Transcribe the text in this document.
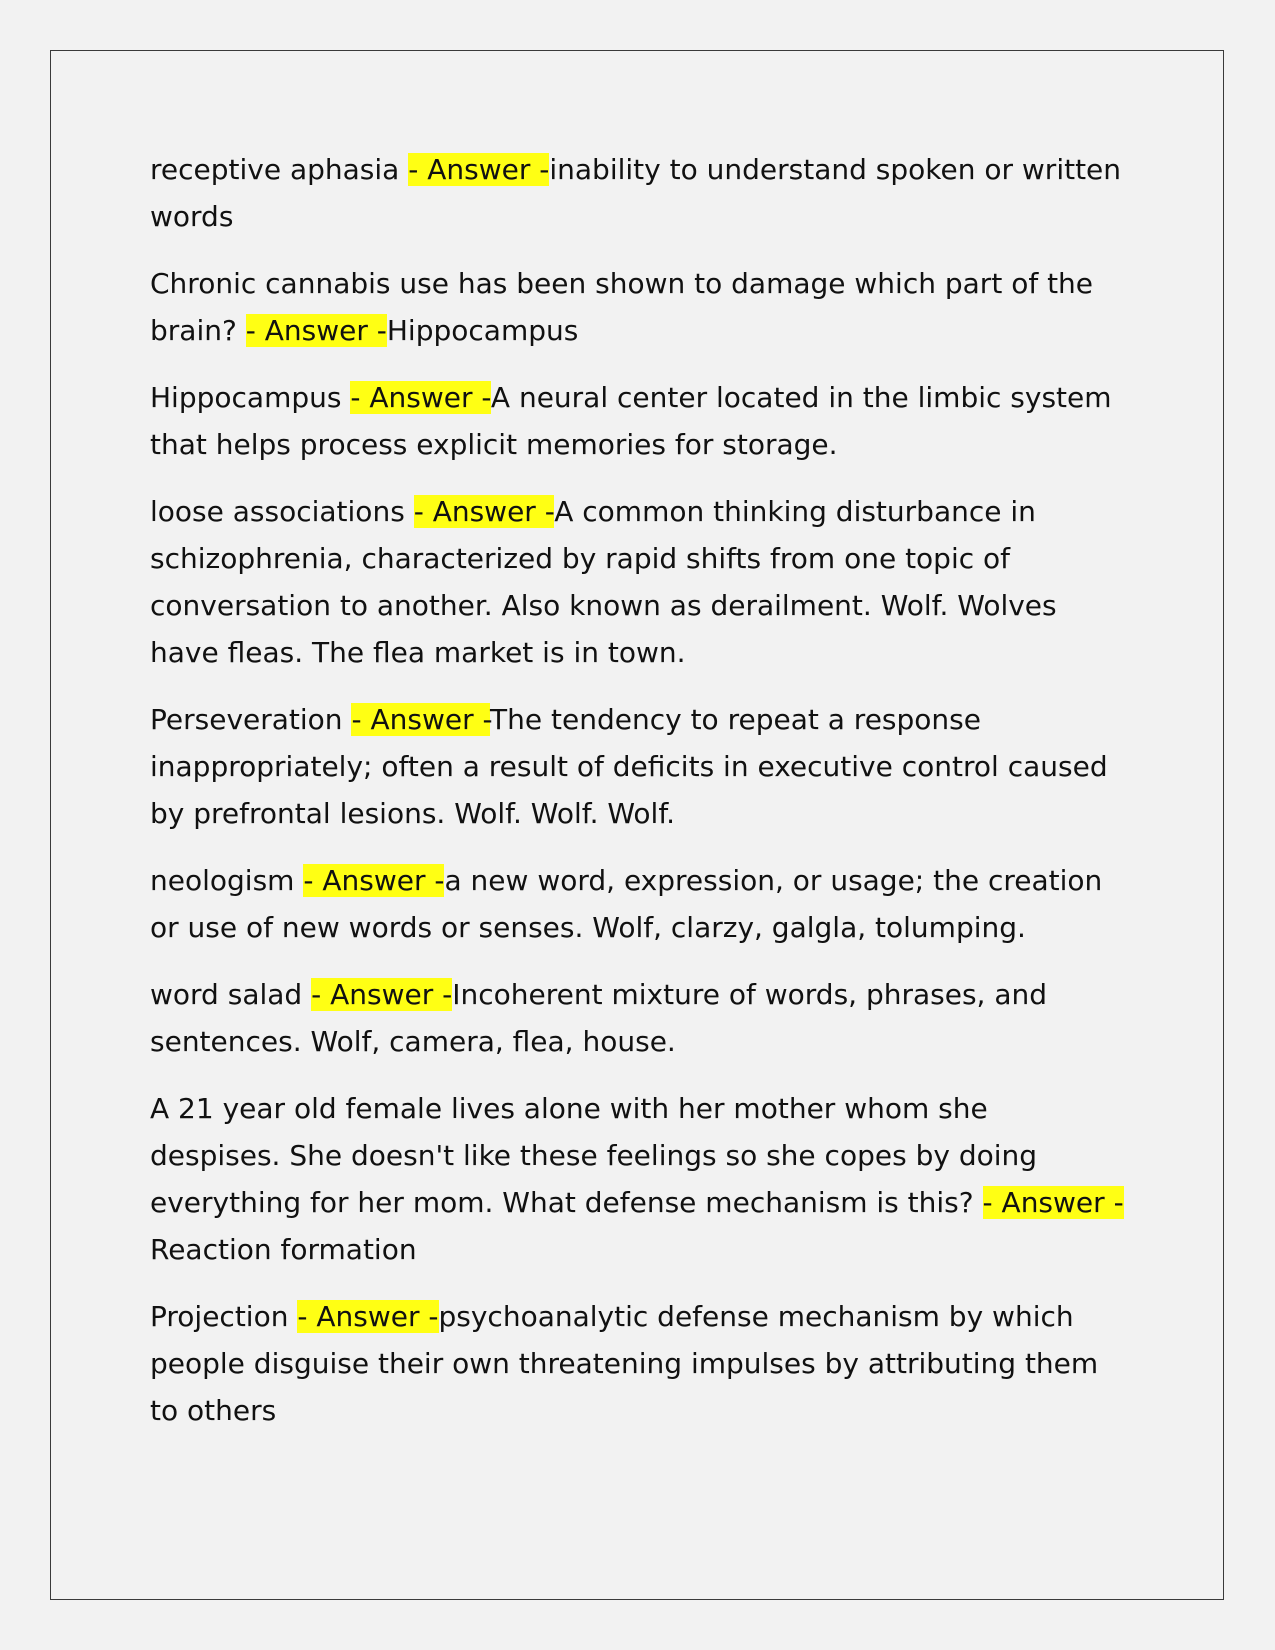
receptive aphasia - Answer -inability to understand spoken or written words

Chronic cannabis use has been shown to damage which part of the brain? - Answer -Hippocampus

Hippocampus - Answer -A neural center located in the limbic system that helps process explicit memories for storage.

loose associations - Answer -A common thinking disturbance in schizophrenia, characterized by rapid shifts from one topic of conversation to another. Also known as derailment. Wolf. Wolves have fleas. The flea market is in town.

Perseveration - Answer -The tendency to repeat a response inappropriately; often a result of deficits in executive control caused by prefrontal lesions. Wolf. Wolf. Wolf.

neologism - Answer -a new word, expression, or usage; the creation or use of new words or senses. Wolf, clarzy, galgla, tolumping.

word salad - Answer -Incoherent mixture of words, phrases, and sentences. Wolf, camera, flea, house.

A 21 year old female lives alone with her mother whom she despises. She doesn't like these feelings so she copes by doing everything for her mom. What defense mechanism is this? - Answer -Reaction formation

Projection - Answer -psychoanalytic defense mechanism by which people disguise their own threatening impulses by attributing them to others
